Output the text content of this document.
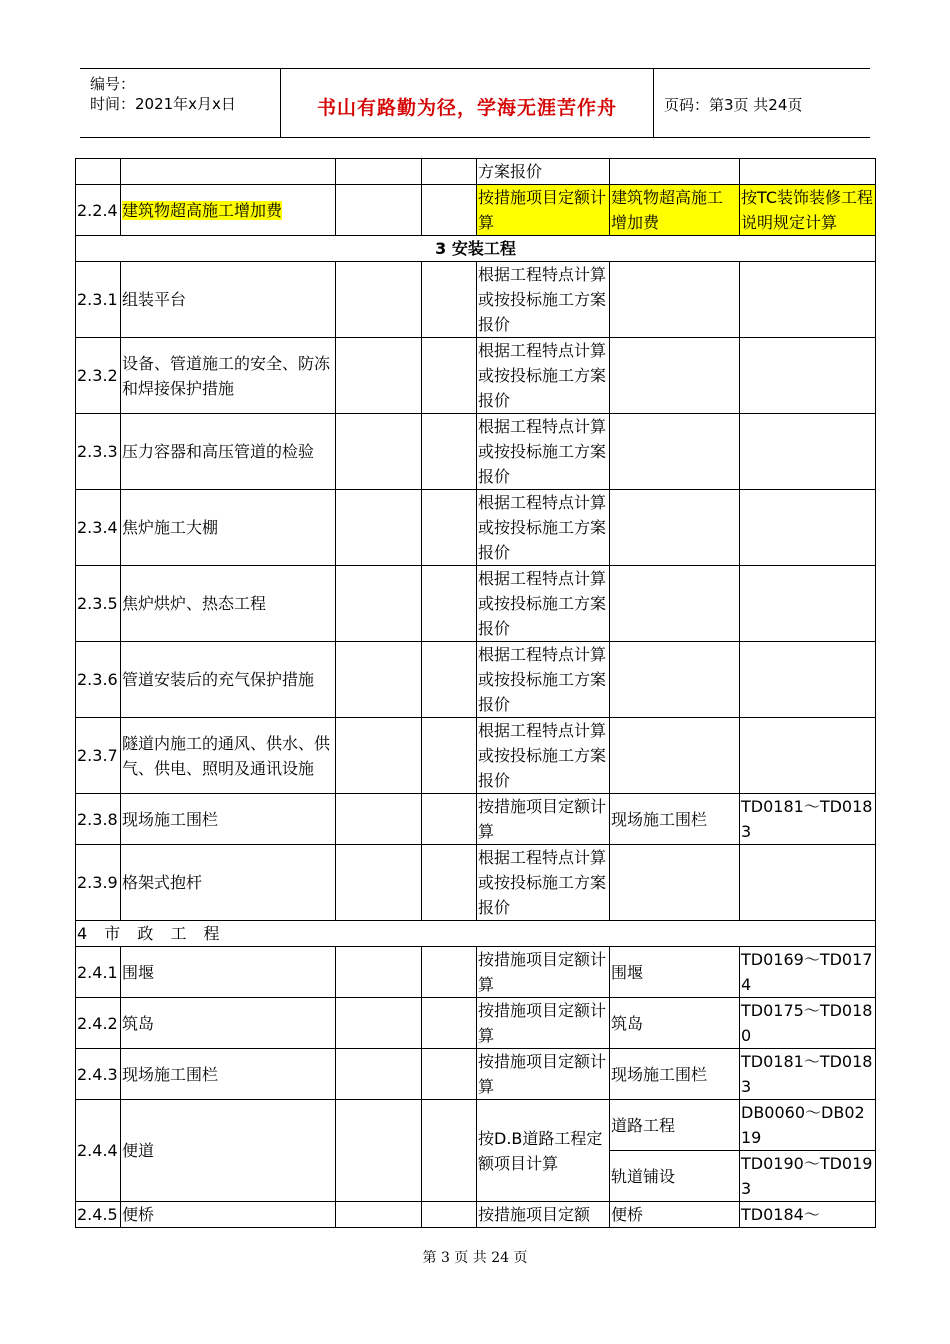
编号：
时间：2021年x月x日	书山有路勤为径，学海无涯苦作舟	页码：第3页 共24页
				方案报价		
2.2.4	建筑物超高施工增加费			按措施项目定额计算	建筑物超高施工增加费	按TC装饰装修工程说明规定计算
3 安装工程						
2.3.1	组装平台			根据工程特点计算或按投标施工方案报价		
2.3.2	设备、管道施工的安全、防冻和焊接保护措施			根据工程特点计算或按投标施工方案报价		
2.3.3	压力容器和高压管道的检验			根据工程特点计算或按投标施工方案报价		
2.3.4	焦炉施工大棚			根据工程特点计算或按投标施工方案报价		
2.3.5	焦炉烘炉、热态工程			根据工程特点计算或按投标施工方案报价		
2.3.6	管道安装后的充气保护措施			根据工程特点计算或按投标施工方案报价		
2.3.7	隧道内施工的通风、供水、供气、供电、照明及通讯设施			根据工程特点计算或按投标施工方案报价		
2.3.8	现场施工围栏			按措施项目定额计算	现场施工围栏	TD0181～TD0183
2.3.9	格架式抱杆			根据工程特点计算或按投标施工方案报价		
4 市 政 工 程						
2.4.1	围堰			按措施项目定额计算	围堰	TD0169～TD0174
2.4.2	筑岛			按措施项目定额计算	筑岛	TD0175～TD0180
2.4.3	现场施工围栏			按措施项目定额计算	现场施工围栏	TD0181～TD0183
2.4.4	便道			按D.B道路工程定额项目计算	道路工程	DB0060～DB0219
					轨道铺设	TD0190～TD0193
2.4.5	便桥			按措施项目定额	便桥	TD0184～
第 3 页 共 24 页
